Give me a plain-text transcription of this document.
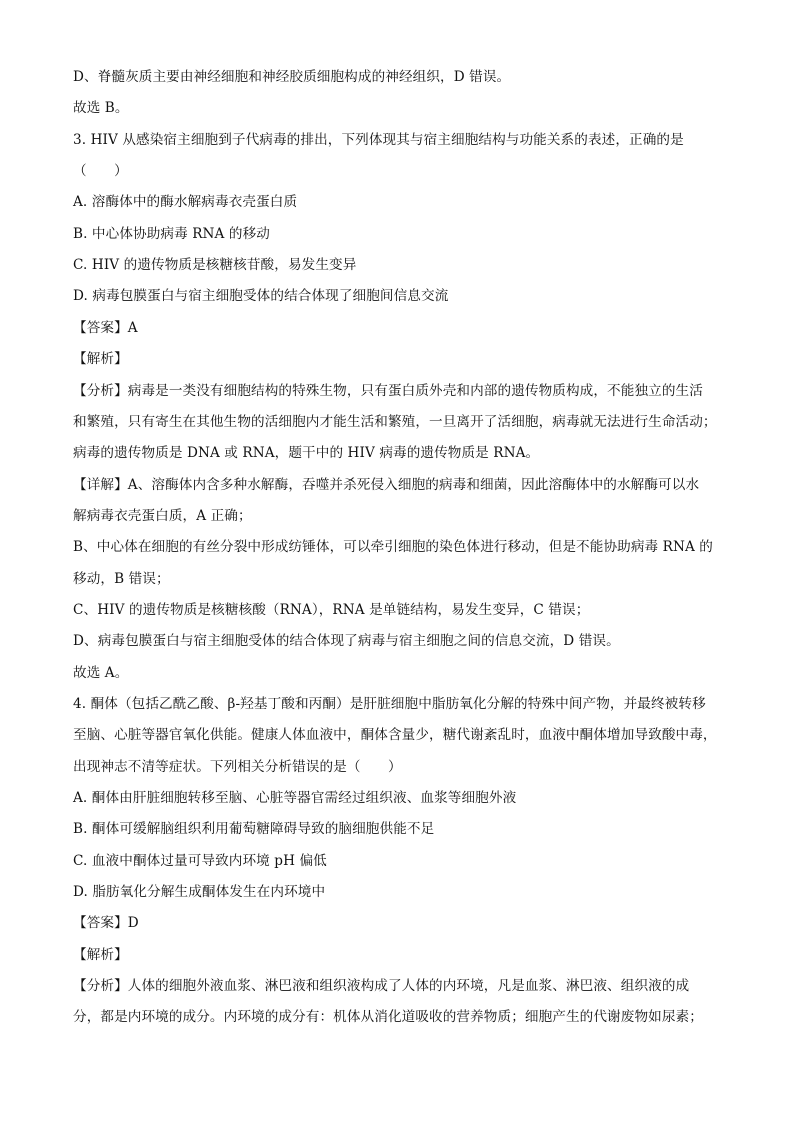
D、脊髓灰质主要由神经细胞和神经胶质细胞构成的神经组织，D 错误。
故选 B。
3. HIV 从感染宿主细胞到子代病毒的排出，下列体现其与宿主细胞结构与功能关系的表述，正确的是
（　　）
A. 溶酶体中的酶水解病毒衣壳蛋白质
B. 中心体协助病毒 RNA 的移动
C. HIV 的遗传物质是核糖核苷酸，易发生变异
D. 病毒包膜蛋白与宿主细胞受体的结合体现了细胞间信息交流
【答案】A
【解析】
【分析】病毒是一类没有细胞结构的特殊生物，只有蛋白质外壳和内部的遗传物质构成，不能独立的生活
和繁殖，只有寄生在其他生物的活细胞内才能生活和繁殖，一旦离开了活细胞，病毒就无法进行生命活动；
病毒的遗传物质是 DNA 或 RNA，题干中的 HIV 病毒的遗传物质是 RNA。
【详解】A、溶酶体内含多种水解酶，吞噬并杀死侵入细胞的病毒和细菌，因此溶酶体中的水解酶可以水
解病毒衣壳蛋白质，A 正确；
B、中心体在细胞的有丝分裂中形成纺锤体，可以牵引细胞的染色体进行移动，但是不能协助病毒 RNA 的
移动，B 错误；
C、HIV 的遗传物质是核糖核酸（RNA），RNA 是单链结构，易发生变异，C 错误；
D、病毒包膜蛋白与宿主细胞受体的结合体现了病毒与宿主细胞之间的信息交流，D 错误。
故选 A。
4. 酮体（包括乙酰乙酸、β-羟基丁酸和丙酮）是肝脏细胞中脂肪氧化分解的特殊中间产物，并最终被转移
至脑、心脏等器官氧化供能。健康人体血液中，酮体含量少，糖代谢紊乱时，血液中酮体增加导致酸中毒，
出现神志不清等症状。下列相关分析错误的是（　　）
A. 酮体由肝脏细胞转移至脑、心脏等器官需经过组织液、血浆等细胞外液
B. 酮体可缓解脑组织利用葡萄糖障碍导致的脑细胞供能不足
C. 血液中酮体过量可导致内环境 pH 偏低
D. 脂肪氧化分解生成酮体发生在内环境中
【答案】D
【解析】
【分析】人体的细胞外液血浆、淋巴液和组织液构成了人体的内环境，凡是血浆、淋巴液、组织液的成
分，都是内环境的成分。内环境的成分有：机体从消化道吸收的营养物质；细胞产生的代谢废物如尿素；
